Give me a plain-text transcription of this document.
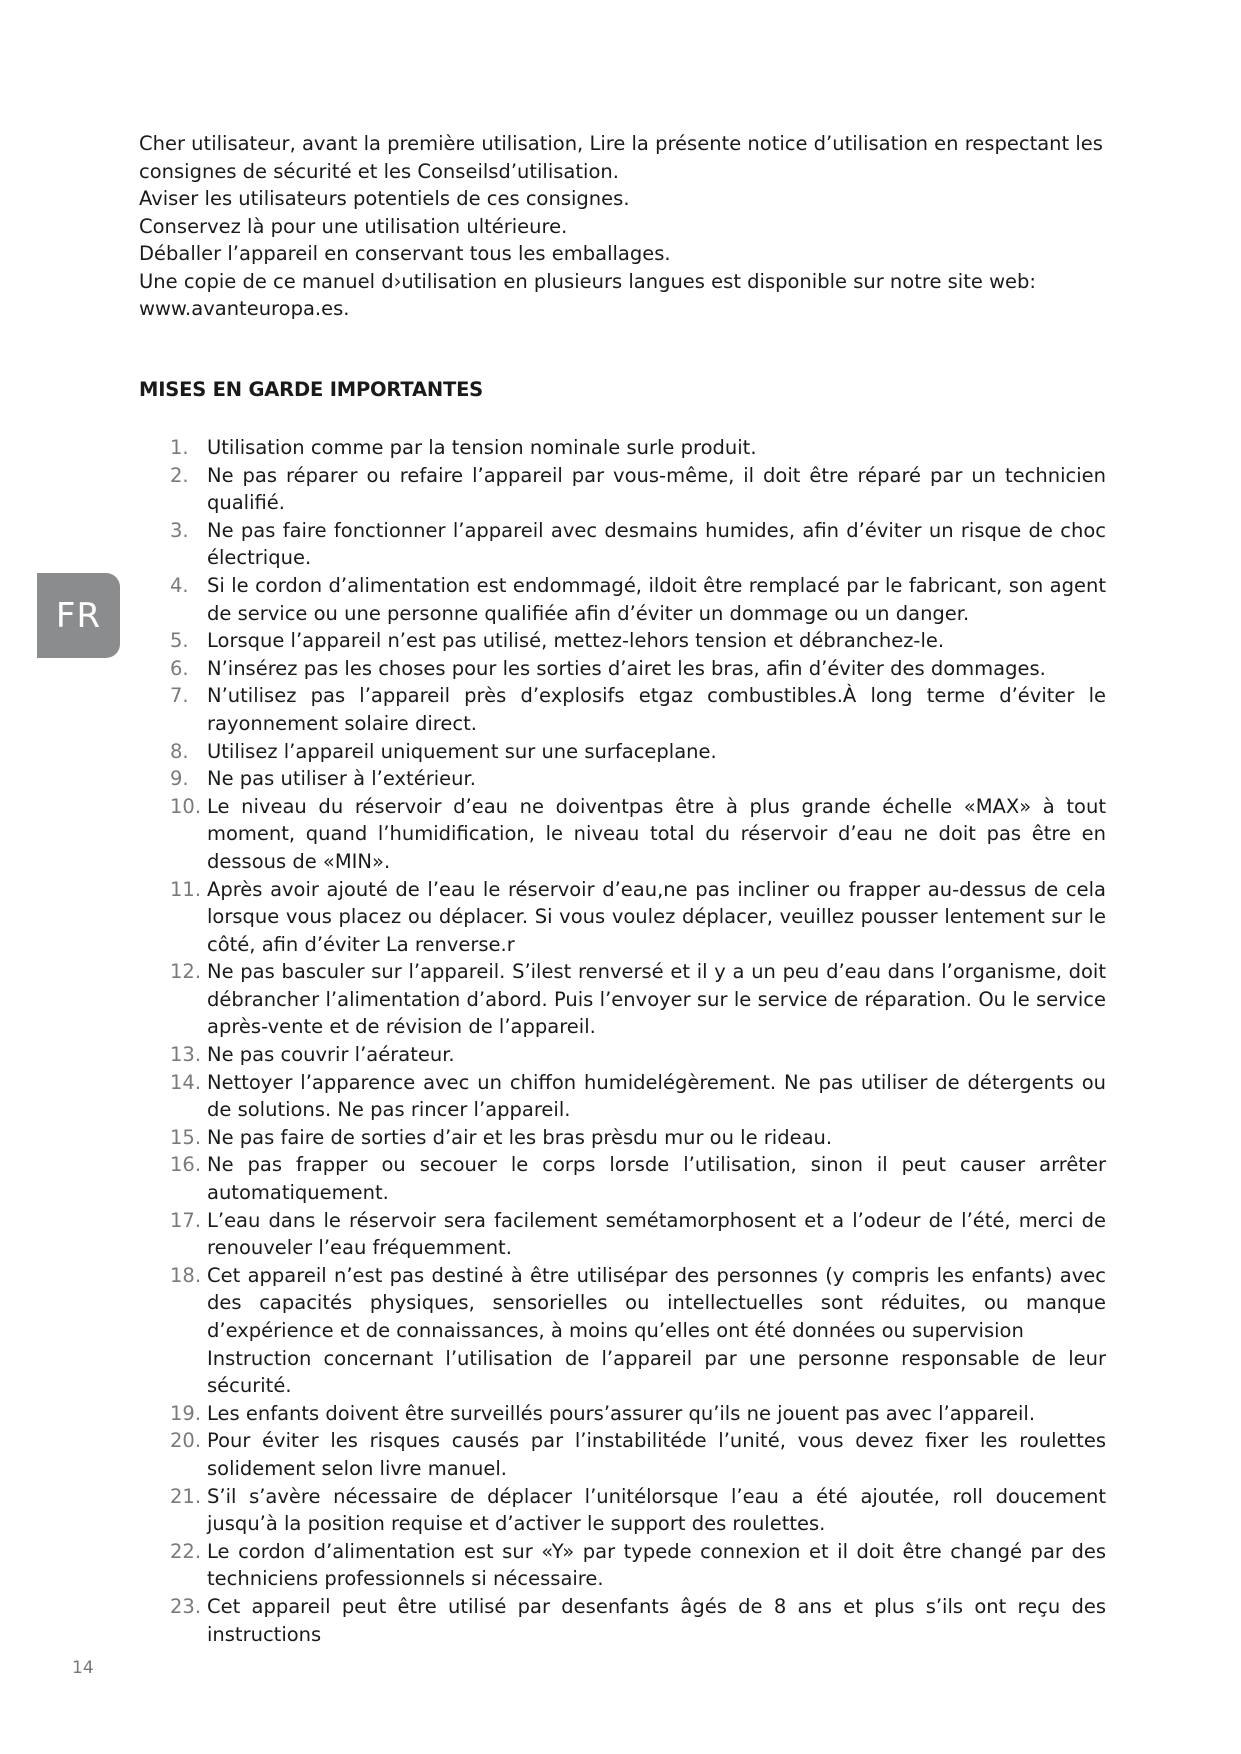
Cher utilisateur, avant la première utilisation, Lire la présente notice d’utilisation en respectant les consignes de sécurité et les Conseilsd’utilisation.

Aviser les utilisateurs potentiels de ces consignes.

Conservez là pour une utilisation ultérieure.

Déballer l’appareil en conservant tous les emballages.

Une copie de ce manuel d›utilisation en plusieurs langues est disponible sur notre site web: www.avanteuropa.es.

MISES EN GARDE IMPORTANTES
1. Utilisation comme par la tension nominale surle produit.
2. Ne pas réparer ou refaire l’appareil par vous-même, il doit être réparé par un technicien qualifié.
3. Ne pas faire fonctionner l’appareil avec desmains humides, afin d’éviter un risque de choc électrique.
4. Si le cordon d’alimentation est endommagé, ildoit être remplacé par le fabricant, son agent de service ou une personne qualifiée afin d’éviter un dommage ou un danger.
5. Lorsque l’appareil n’est pas utilisé, mettez-lehors tension et débranchez-le.
6. N’insérez pas les choses pour les sorties d’airet les bras, afin d’éviter des dommages.
7. N’utilisez pas l’appareil près d’explosifs etgaz combustibles.À long terme d’éviter le rayonnement solaire direct.
8. Utilisez l’appareil uniquement sur une surfaceplane.
9. Ne pas utiliser à l’extérieur.
10. Le niveau du réservoir d’eau ne doiventpas être à plus grande échelle «MAX» à tout moment, quand l’humidification, le niveau total du réservoir d’eau ne doit pas être en dessous de «MIN».
11. Après avoir ajouté de l’eau le réservoir d’eau,ne pas incliner ou frapper au-dessus de cela lorsque vous placez ou déplacer. Si vous voulez déplacer, veuillez pousser lentement sur le côté, afin d’éviter La renverse.r
12. Ne pas basculer sur l’appareil. S’ilest renversé et il y a un peu d’eau dans l’organisme, doit débrancher l’alimentation d’abord. Puis l’envoyer sur le service de réparation. Ou le service après-vente et de révision de l’appareil.
13. Ne pas couvrir l’aérateur.
14. Nettoyer l’apparence avec un chiffon humidelégèrement. Ne pas utiliser de détergents ou de solutions. Ne pas rincer l’appareil.
15. Ne pas faire de sorties d’air et les bras prèsdu mur ou le rideau.
16. Ne pas frapper ou secouer le corps lorsde l’utilisation, sinon il peut causer arrêter automatiquement.
17. L’eau dans le réservoir sera facilement semétamorphosent et a l’odeur de l’été, merci de renouveler l’eau fréquemment.
18. Cet appareil n’est pas destiné à être utilisépar des personnes (y compris les enfants) avec des capacités physiques, sensorielles ou intellectuelles sont réduites, ou manque d’expérience et de connaissances, à moins qu’elles ont été données ou supervision
Instruction concernant l’utilisation de l’appareil par une personne responsable de leur sécurité.
19. Les enfants doivent être surveillés pours’assurer qu’ils ne jouent pas avec l’appareil.
20. Pour éviter les risques causés par l’instabilitéde l’unité, vous devez fixer les roulettes solidement selon livre manuel.
21. S’il s’avère nécessaire de déplacer l’unitélorsque l’eau a été ajoutée, roll doucement jusqu’à la position requise et d’activer le support des roulettes.
22. Le cordon d’alimentation est sur «Y» par typede connexion et il doit être changé par des techniciens professionnels si nécessaire.
23. Cet appareil peut être utilisé par desenfants âgés de 8 ans et plus s’ils ont reçu des instructions
FR
14
